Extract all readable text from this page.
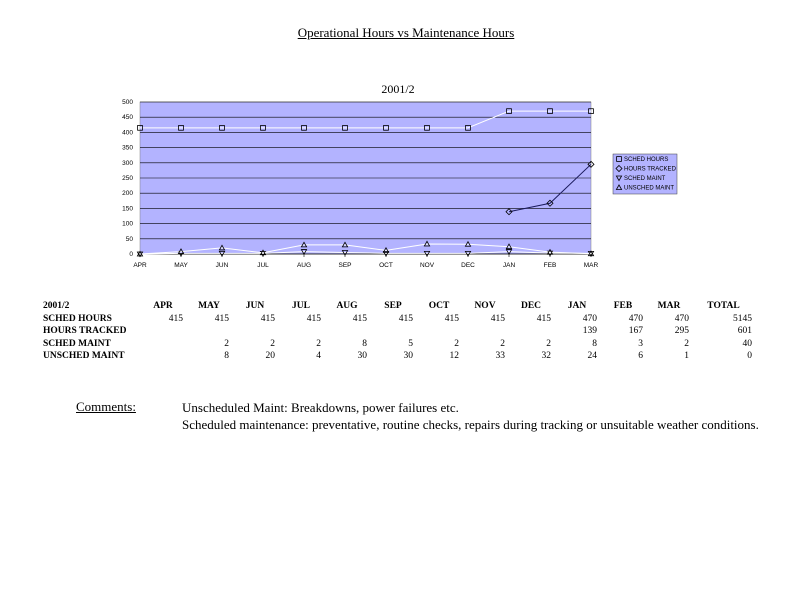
Operational Hours vs Maintenance Hours
2001/2
0
50
100
150
200
250
300
350
400
450
500
APR	MAY	JUN	JUL	AUG	SEP	OCT	NOV	DEC	JAN	FEB	MAR
SCHED HOURS
HOURS TRACKED
SCHED MAINT
UNSCHED MAINT
2001/2	APR	MAY	JUN	JUL	AUG	SEP	OCT	NOV	DEC	JAN	FEB	MAR	TOTAL
SCHED HOURS	415	415	415	415	415	415	415	415	415	470	470	470	5145
HOURS TRACKED										139	167	295	601
SCHED MAINT		2	2	2	8	5	2	2	2	8	3	2	40
UNSCHED MAINT		8	20	4	30	30	12	33	32	24	6	1	0
Comments:	Unscheduled Maint: Breakdowns, power failures etc.
Scheduled maintenance: preventative, routine checks, repairs during tracking or unsuitable weather conditions.
